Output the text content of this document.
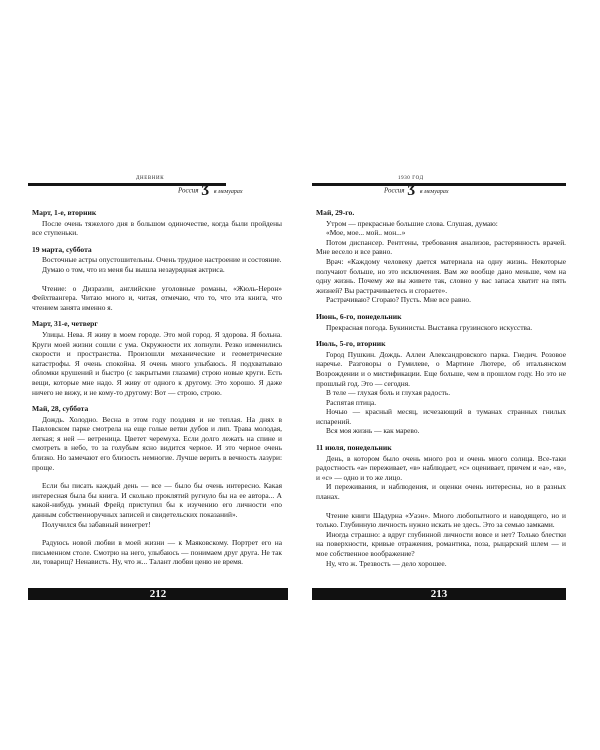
ДНЕВНИК
Россия Ӡ в мемуарах
Март, 1-е, вторник

После очень тяжелого дня в большом одиночестве, когда были пройдены все ступеньки.

19 марта, суббота

Восточные астры опустошительны. Очень трудное настроение и состояние.

Думаю о том, что из меня бы вышла незаурядная актриса.

Чтение: о Дизраэли, английские уголовные романы, «Жюль-Нерон» Фейхтвангера. Читаю много и, читая, отмечаю, что то, что эта книга, что чтением занята именно я.

Март, 31-е, четверг

Улицы. Нева. Я живу в моем городе. Это мой город. Я здорова. Я больна. Круги моей жизни сошли с ума. Окружности их лопнули. Резко изменились скорости и пространства. Произошли механические и геометрические катастрофы. Я очень спокойна. Я очень много улыбаюсь. Я подхватываю обломки крушений и быстро (с закрытыми глазами) строю новые круги. Есть вещи, которые мне надо. Я живу от одного к другому. Это хорошо. Я даже ничего не вижу, и не кому-то другому: Вот — строю, строю.

Май, 28, суббота

Дождь. Холодно. Весна в этом году поздняя и не теплая. На днях в Павловском парке смотрела на еще голые ветви дубов и лип. Трава молодая, легкая; я ней — ветреница. Цветет черемуха. Если долго лежать на спине и смотреть в небо, то за голубым ясно видится черное. И это черное очень близко. Но замечают его близость немногие. Лучше верить в вечность лазури: проще.

Если бы писать каждый день — все — было бы очень интересно. Какая интересная была бы книга. И сколько проклятий ругнуло бы на ее автора... А какой-нибудь умный Фрейд приступил бы к изучению его личности «по данным собственноручных записей и свидетельских показаний».

Получился бы забавный винегрет!

Радуюсь новой любви в моей жизни — к Маяковскому. Портрет его на письменном столе. Смотрю на него, улыбаюсь — понимаем друг друга. Не так ли, товарищ? Ненависть. Ну, что ж... Талант любви ценю не время.

212
1930 ГОД
Россия Ӡ в мемуарах
Май, 29-го.

Утром — прекрасные большие слова. Слушая, думаю:

«Мое, мое... мой.. мон...»

Потом диспансер. Рентгены, требования анализов, растерянность врачей. Мне весело и все равно.

Врач: «Каждому человеку дается материала на одну жизнь. Некоторые получают больше, но это исключения. Вам же вообще дано меньше, чем на одну жизнь. Почему же вы живете так, словно у вас запаса хватит на пять жизней? Вы растрачиваетесь и сгораете».

Растрачиваю? Сгораю? Пусть. Мне все равно.

Июнь, 6-го, понедельник

Прекрасная погода. Букинисты. Выставка грузинского искусства.

Июль, 5-го, вторник

Город Пушкин. Дождь. Аллеи Александровского парка. Гнедич. Розовое наречье. Разговоры о Гумилеве, о Мартине Лютере, об итальянском Возрождении и о мистификации. Еще больше, чем в прошлом году. Но это не прошлый год. Это — сегодня.

В теле — глухая боль и глухая радость.

Распятая птица.

Ночью — красный месяц, исчезающий в туманах странных гнилых испарений.

Вся моя жизнь — как марево.

11 июля, понедельник

День, в котором было очень много роз и очень много солнца. Все-таки радостность «а» переживает, «в» наблюдает, «с» оценивает, причем и «а», «в», и «с» — одно и то же лицо.

И переживания, и наблюдения, и оценки очень интересны, но в разных планах.

Чтение книги Шадурна «Уаэн». Много любопытного и наводящего, но и только. Глубинную личность нужно искать не здесь. Это за семью замками.

Иногда страшно: а вдруг глубинной личности вовсе и нет? Только блестки на поверхности, кривые отражения, романтика, поза, рыцарский шлем — и мое собственное воображение?

Ну, что ж. Трезвость — дело хорошее.

213
